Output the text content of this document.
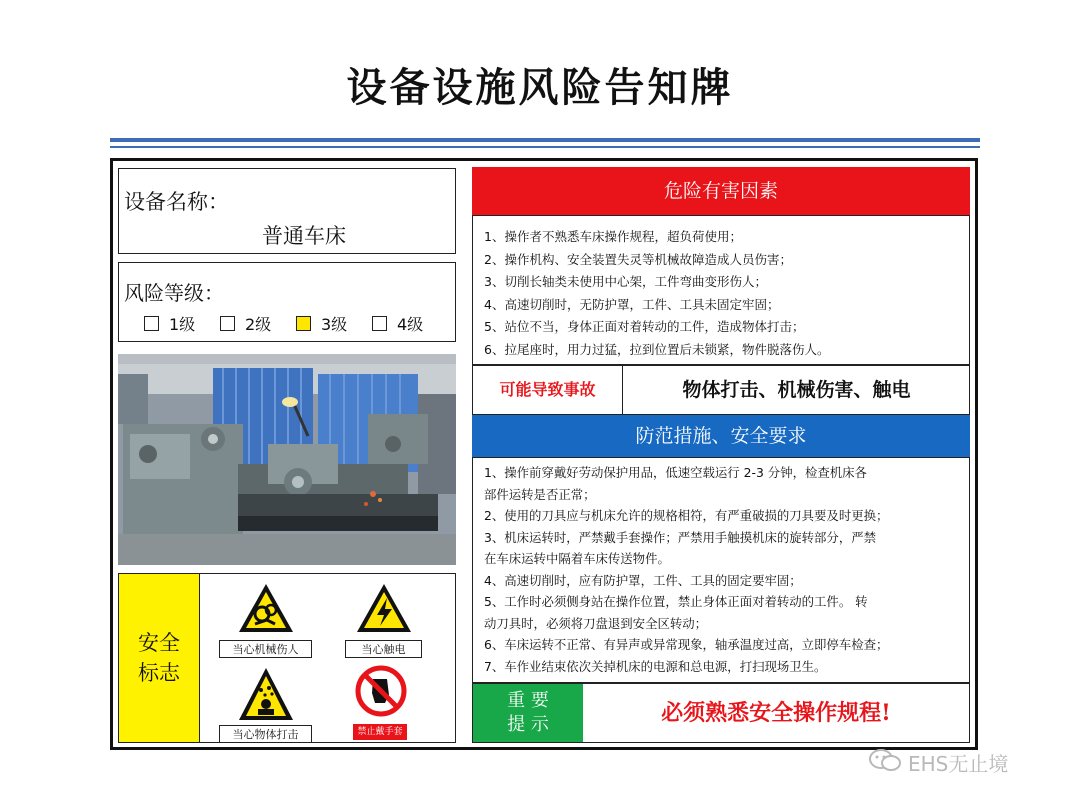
设备设施风险告知牌
设备名称：
普通车床
风险等级：
1级	2级	3级	4级
安全
标志
当心机械伤人	当心触电
当心物体打击	禁止戴手套
危险有害因素
1、操作者不熟悉车床操作规程，超负荷使用；
2、操作机构、安全装置失灵等机械故障造成人员伤害；
3、切削长轴类未使用中心架，工件弯曲变形伤人；
4、高速切削时，无防护罩，工件、工具未固定牢固；
5、站位不当，身体正面对着转动的工件，造成物体打击；
6、拉尾座时，用力过猛，拉到位置后未锁紧，物件脱落伤人。
可能导致事故	物体打击、机械伤害、触电
防范措施、安全要求
1、操作前穿戴好劳动保护用品，低速空载运行 2-3 分钟，检查机床各
部件运转是否正常；
2、使用的刀具应与机床允许的规格相符，有严重破损的刀具要及时更换；
3、机床运转时，严禁戴手套操作；严禁用手触摸机床的旋转部分，严禁
在车床运转中隔着车床传送物件。
4、高速切削时，应有防护罩，工件、工具的固定要牢固；
5、工作时必须侧身站在操作位置，禁止身体正面对着转动的工件。 转
动刀具时，必须将刀盘退到安全区转动；
6、车床运转不正常、有异声或异常现象，轴承温度过高，立即停车检查；
7、车作业结束依次关掉机床的电源和总电源，打扫现场卫生。
重 要
提 示	必须熟悉安全操作规程!
EHS无止境
